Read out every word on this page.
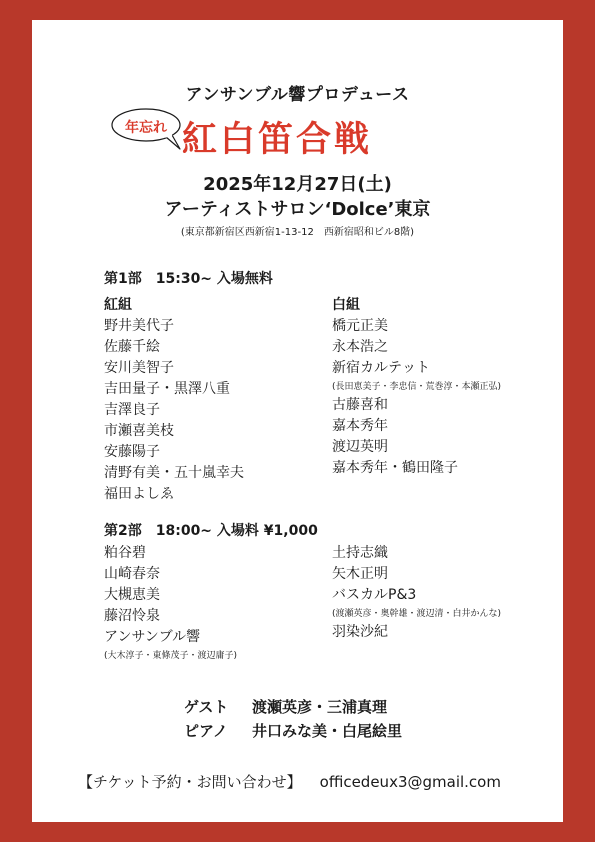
アンサンブル響プロデュース
年忘れ 紅白笛合戦
2025年12月27日(土)
アーティストサロン‘Dolce’東京
(東京都新宿区西新宿1-13-12　西新宿昭和ビル8階)
第1部　15:30~ 入場無料
紅組	白組
野井美代子
佐藤千絵
安川美智子
吉田量子・黒澤八重
吉澤良子
市瀬喜美枝
安藤陽子
清野有美・五十嵐幸夫
福田よしゑ
橋元正美
永本浩之
新宿カルテット
(長田恵美子・李忠信・荒巻淳・本瀬正弘)
古藤喜和
嘉本秀年
渡辺英明
嘉本秀年・鶴田隆子
第2部　18:00~ 入場料 ¥1,000
粕谷碧
山崎春奈
大槻恵美
藤沼怜泉
アンサンブル響
(大木淳子・東條茂子・渡辺庸子)
土持志織
矢木正明
バスカルP&3
(渡瀬英彦・奥幹雄・渡辺清・白井かんな)
羽染沙紀
ゲスト 渡瀬英彦・三浦真理
ピアノ 井口みな美・白尾絵里
【チケット予約・お問い合わせ】 officedeux3@gmail.com
